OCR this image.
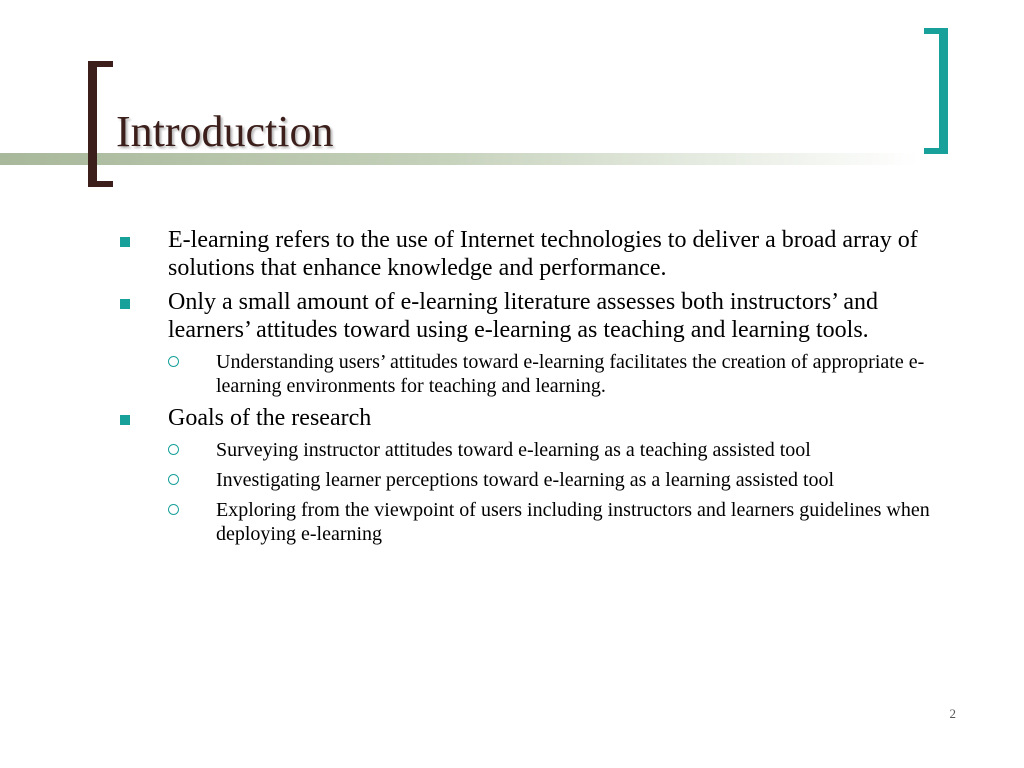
Introduction
E-learning refers to the use of Internet technologies to deliver a broad array of solutions that enhance knowledge and performance.
Only a small amount of e-learning literature assesses both instructors’ and learners’ attitudes toward using e-learning as teaching and learning tools.
Understanding users’ attitudes toward e-learning facilitates the creation of appropriate e-learning environments for teaching and learning.
Goals of the research
Surveying instructor attitudes toward e-learning as a teaching assisted tool
Investigating learner perceptions toward e-learning as a learning assisted tool
Exploring from the viewpoint of users including instructors and learners guidelines when deploying e-learning
2
